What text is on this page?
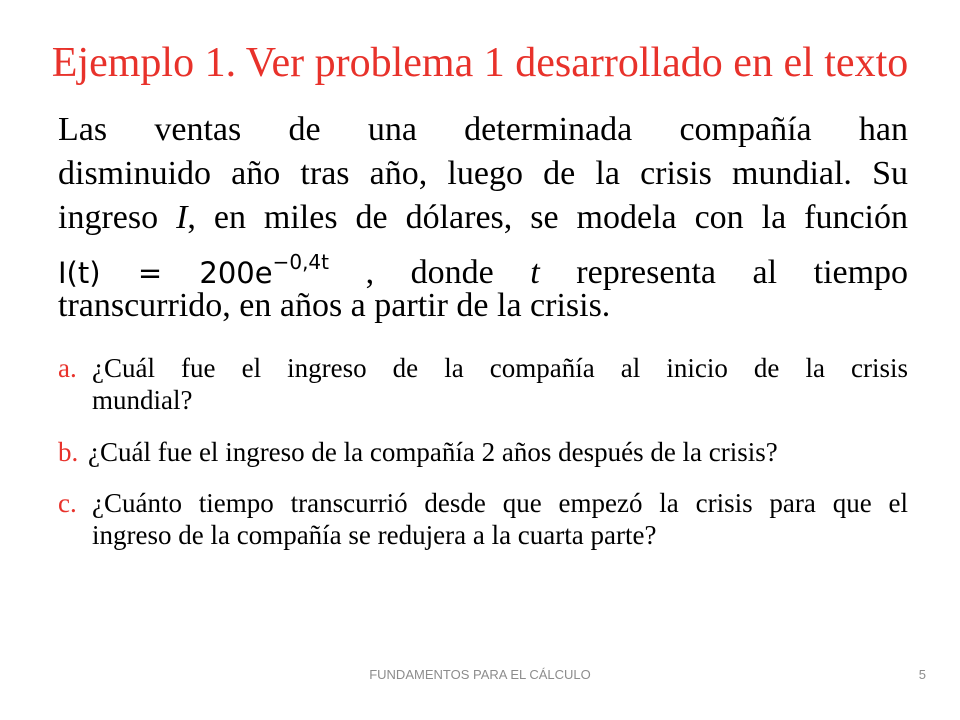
Ejemplo 1. Ver problema 1 desarrollado en el texto

Las ventas de una determinada compañía han

disminuido año tras año, luego de la crisis mundial. Su

ingreso I, en miles de dólares, se modela con la función

$I(t) = 200e^{-0,4t}$ , donde t representa al tiempo

transcurrido, en años a partir de la crisis.

a. ¿Cuál fue el ingreso de la compañía al inicio de la crisis

mundial?

b. ¿Cuál fue el ingreso de la compañía 2 años después de la crisis?

c. ¿Cuánto tiempo transcurrió desde que empezó la crisis para que el

ingreso de la compañía se redujera a la cuarta parte?

FUNDAMENTOS PARA EL CÁLCULO	5
